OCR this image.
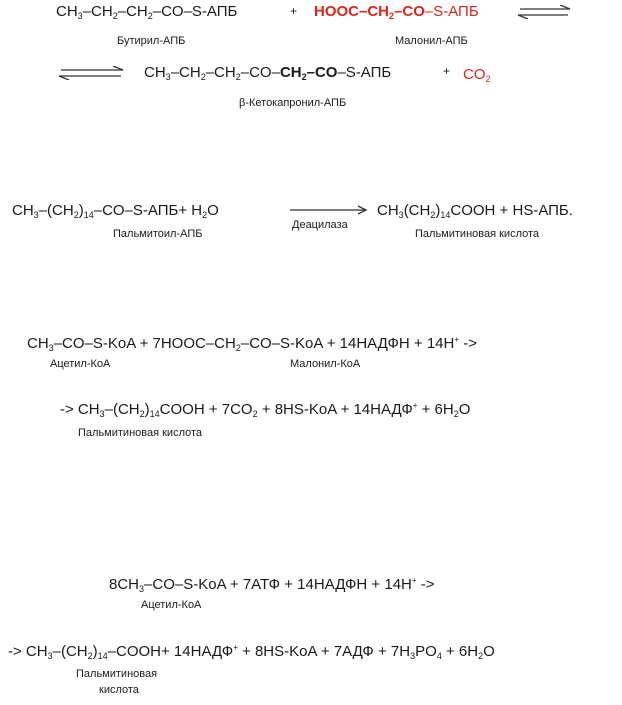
$CH_3-CH_2-CH_2-CO-S$-АПБ	+ HOOC–$CH_2-CO-S$-АПБ
Бутирил-АПБ	Малонил-АПБ
$CH_3-CH_2-CH_2-CO-CH_2-CO-S$-АПБ	+ $CO_2$
β-Кетокапронил-АПБ
$CH_3-(CH_2)_{14}-CO-S-АПБ+ H_2O$
Деацилаза
$CH_3(CH_2)_{14}COOH + HS-АПБ$.
Пальмитоил-АПБ	Пальмитиновая кислота
$CH_3-CO-S$-KoA + $7HOOC-CH_2-CO-S$-KoA + 14НАДФН + 14H+ ->
Ацетил-КоА	Малонил-КоА
-> $CH_3-(CH_2)_{14}COOH + 7CO_2 + 8HS-KoA$ + 14НАДФ+ + $6H_2O$
Пальмитиновая кислота
$8CH_3-CO-S$-KoA + 7АТФ + 14НАДФН + 14H+ ->
Ацетил-КоА
-> $CH_3-(CH_2)_{14}-COOH+$ 14НАДФ+ + $8HS-KoA + 7АДФ + 7H_3PO_4 + 6H_2O$
Пальмитиновая
кислота
